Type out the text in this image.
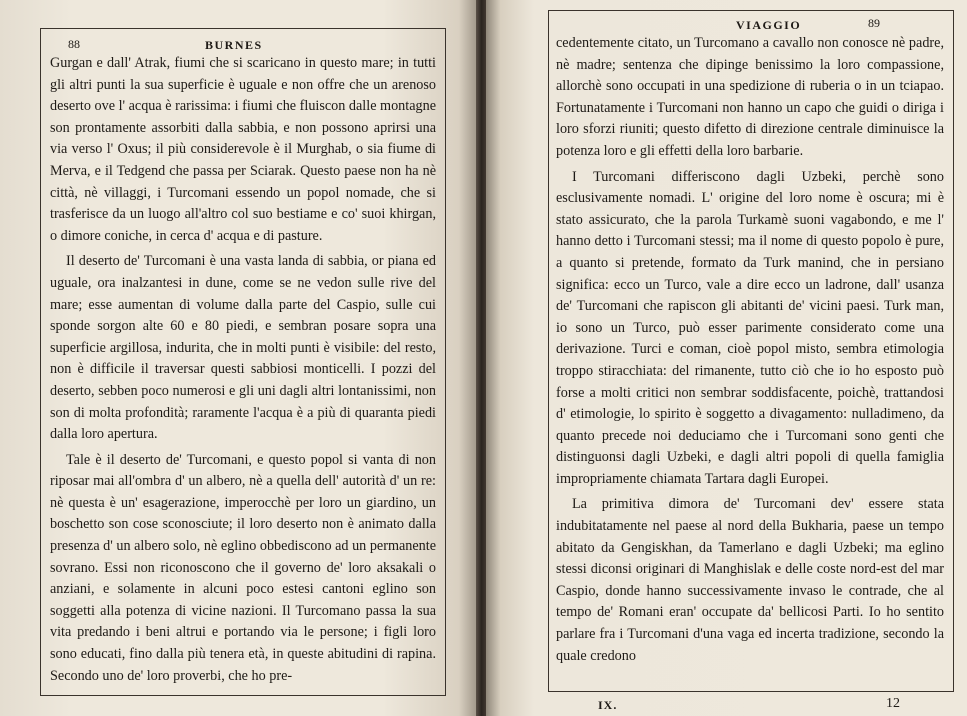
88	BURNES

Gurgan e dall' Atrak, fiumi che si scaricano in questo mare; in tutti gli altri punti la sua superficie è uguale e non offre che un arenoso deserto ove l' acqua è rarissima: i fiumi che fluiscon dalle montagne son prontamente assorbiti dalla sabbia, e non possono aprirsi una via verso l' Oxus; il più considerevole è il Murghab, o sia fiume di Merva, e il Tedgend che passa per Sciarak. Questo paese non ha nè città, nè villaggi, i Turcomani essendo un popol nomade, che si trasferisce da un luogo all'altro col suo bestiame e co' suoi khirgan, o dimore coniche, in cerca d' acqua e di pasture.

Il deserto de' Turcomani è una vasta landa di sabbia, or piana ed uguale, ora inalzantesi in dune, come se ne vedon sulle rive del mare; esse aumentan di volume dalla parte del Caspio, sulle cui sponde sorgon alte 60 e 80 piedi, e sembran posare sopra una superficie argillosa, indurita, che in molti punti è visibile: del resto, non è difficile il traversar questi sabbiosi monticelli. I pozzi del deserto, sebben poco numerosi e gli uni dagli altri lontanissimi, non son di molta profondità; raramente l'acqua è a più di quaranta piedi dalla loro apertura.

Tale è il deserto de' Turcomani, e questo popol si vanta di non riposar mai all'ombra d' un albero, nè a quella dell' autorità d' un re: nè questa è un' esagerazione, imperocchè per loro un giardino, un boschetto son cose sconosciute; il loro deserto non è animato dalla presenza d' un albero solo, nè eglino obbediscono ad un permanente sovrano. Essi non riconoscono che il governo de' loro aksakali o anziani, e solamente in alcuni poco estesi cantoni eglino son soggetti alla potenza di vicine nazioni. Il Turcomano passa la sua vita predando i beni altrui e portando via le persone; i figli loro sono educati, fino dalla più tenera età, in queste abitudini di rapina. Secondo uno de' loro proverbi, che ho pre-

VIAGGIO	89

cedentemente citato, un Turcomano a cavallo non conosce nè padre, nè madre; sentenza che dipinge benissimo la loro compassione, allorchè sono occupati in una spedizione di ruberia o in un tciapao. Fortunatamente i Turcomani non hanno un capo che guidi o diriga i loro sforzi riuniti; questo difetto di direzione centrale diminuisce la potenza loro e gli effetti della loro barbarie.

I Turcomani differiscono dagli Uzbeki, perchè sono esclusivamente nomadi. L' origine del loro nome è oscura; mi è stato assicurato, che la parola Turkamè suoni vagabondo, e me l' hanno detto i Turcomani stessi; ma il nome di questo popolo è pure, a quanto si pretende, formato da Turk manind, che in persiano significa: ecco un Turco, vale a dire ecco un ladrone, dall' usanza de' Turcomani che rapiscon gli abitanti de' vicini paesi. Turk man, io sono un Turco, può esser parimente considerato come una derivazione. Turci e coman, cioè popol misto, sembra etimologia troppo stiracchiata: del rimanente, tutto ciò che io ho esposto può forse a molti critici non sembrar soddisfacente, poichè, trattandosi d' etimologie, lo spirito è soggetto a divagamento: nulladimeno, da quanto precede noi deduciamo che i Turcomani sono genti che distinguonsi dagli Uzbeki, e dagli altri popoli di quella famiglia impropriamente chiamata Tartara dagli Europei.

La primitiva dimora de' Turcomani dev' essere stata indubitatamente nel paese al nord della Bukharia, paese un tempo abitato da Gengiskhan, da Tamerlano e dagli Uzbeki; ma eglino stessi diconsi originari di Manghislak e delle coste nord-est del mar Caspio, donde hanno successivamente invaso le contrade, che al tempo de' Romani eran' occupate da' bellicosi Parti. Io ho sentito parlare fra i Turcomani d'una vaga ed incerta tradizione, secondo la quale credono

IX.	12
